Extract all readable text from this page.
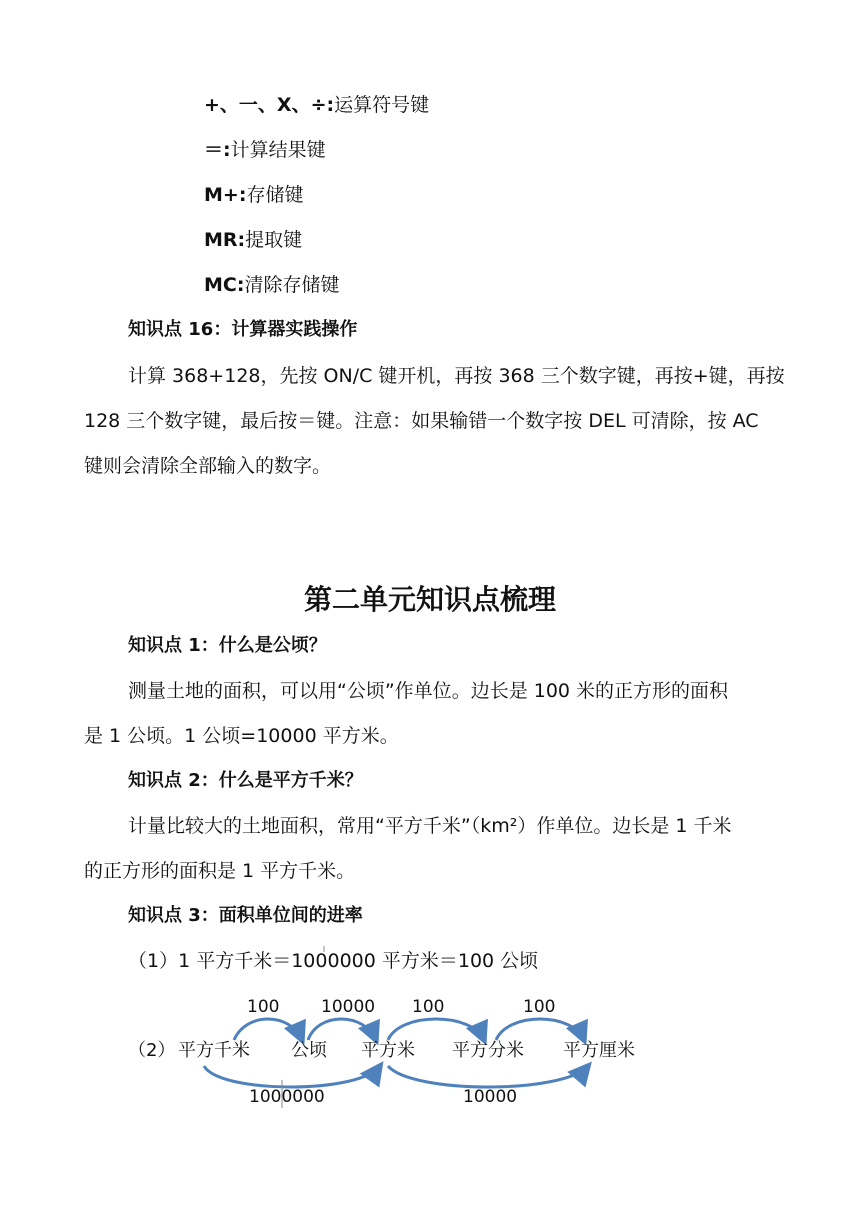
+、一、X、÷:运算符号键
＝:计算结果键
M+:存储键
MR:提取键
MC:清除存储键
知识点 16：计算器实践操作
计算 368+128，先按 ON/C 键开机，再按 368 三个数字键，再按+键，再按
128 三个数字键，最后按＝键。注意：如果输错一个数字按 DEL 可清除，按 AC
键则会清除全部输入的数字。
第二单元知识点梳理
知识点 1：什么是公顷？
测量土地的面积，可以用“公顷”作单位。边长是 100 米的正方形的面积
是 1 公顷。1 公顷=10000 平方米。
知识点 2：什么是平方千米？
计量比较大的土地面积，常用“平方千米”（km²）作单位。边长是 1 千米
的正方形的面积是 1 平方千米。
知识点 3：面积单位间的进率
（1）1 平方千米＝1000000 平方米＝100 公顷
100 10000 100	100
（2） 平方千米 公顷 平方米 平方分米 平方厘米
1000000	10000
